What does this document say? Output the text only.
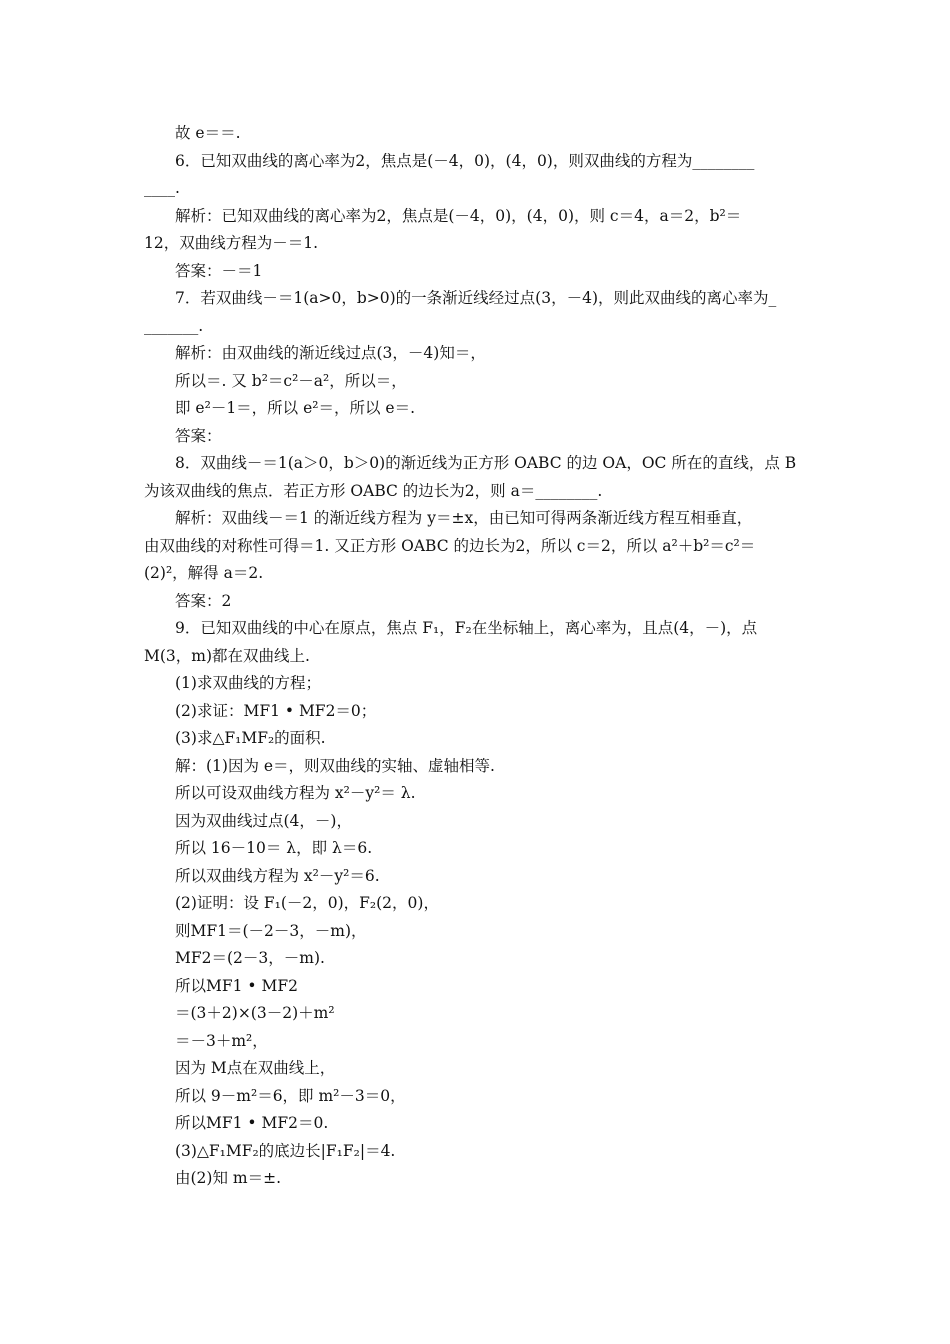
故 e＝＝.
6．已知双曲线的离心率为2，焦点是(－4，0)，(4，0)，则双曲线的方程为________
____.
解析：已知双曲线的离心率为2，焦点是(－4，0)，(4，0)，则 c＝4，a＝2，b²＝
12，双曲线方程为－＝1.
答案：－＝1
7．若双曲线－＝1(a>0，b>0)的一条渐近线经过点(3，－4)，则此双曲线的离心率为_
_______.
解析：由双曲线的渐近线过点(3，－4)知＝，
所以＝. 又 b²＝c²－a²，所以＝，
即 e²－1＝，所以 e²＝，所以 e＝.
答案：
8．双曲线－＝1(a＞0，b＞0)的渐近线为正方形 OABC 的边 OA，OC 所在的直线，点 B
为该双曲线的焦点．若正方形 OABC 的边长为2，则 a＝________.
解析：双曲线－＝1 的渐近线方程为 y＝±x，由已知可得两条渐近线方程互相垂直，
由双曲线的对称性可得＝1. 又正方形 OABC 的边长为2，所以 c＝2，所以 a²＋b²＝c²＝
(2)²，解得 a＝2.
答案：2
9．已知双曲线的中心在原点，焦点 F₁，F₂在坐标轴上，离心率为，且点(4，－)，点
M(3，m)都在双曲线上.
(1)求双曲线的方程；
(2)求证：MF1 • MF2＝0；
(3)求△F₁MF₂的面积.
解：(1)因为 e＝，则双曲线的实轴、虚轴相等.
所以可设双曲线方程为 x²－y²＝ λ.
因为双曲线过点(4，－)，
所以 16－10＝ λ，即 λ＝6.
所以双曲线方程为 x²－y²＝6.
(2)证明：设 F₁(－2，0)，F₂(2，0)，
则MF1＝(－2－3，－m)，
MF2＝(2－3，－m).
所以MF1 • MF2
＝(3＋2)×(3－2)＋m²
＝－3＋m²，
因为 M点在双曲线上，
所以 9－m²＝6，即 m²－3＝0，
所以MF1 • MF2＝0.
(3)△F₁MF₂的底边长|F₁F₂|＝4.
由(2)知 m＝±.
